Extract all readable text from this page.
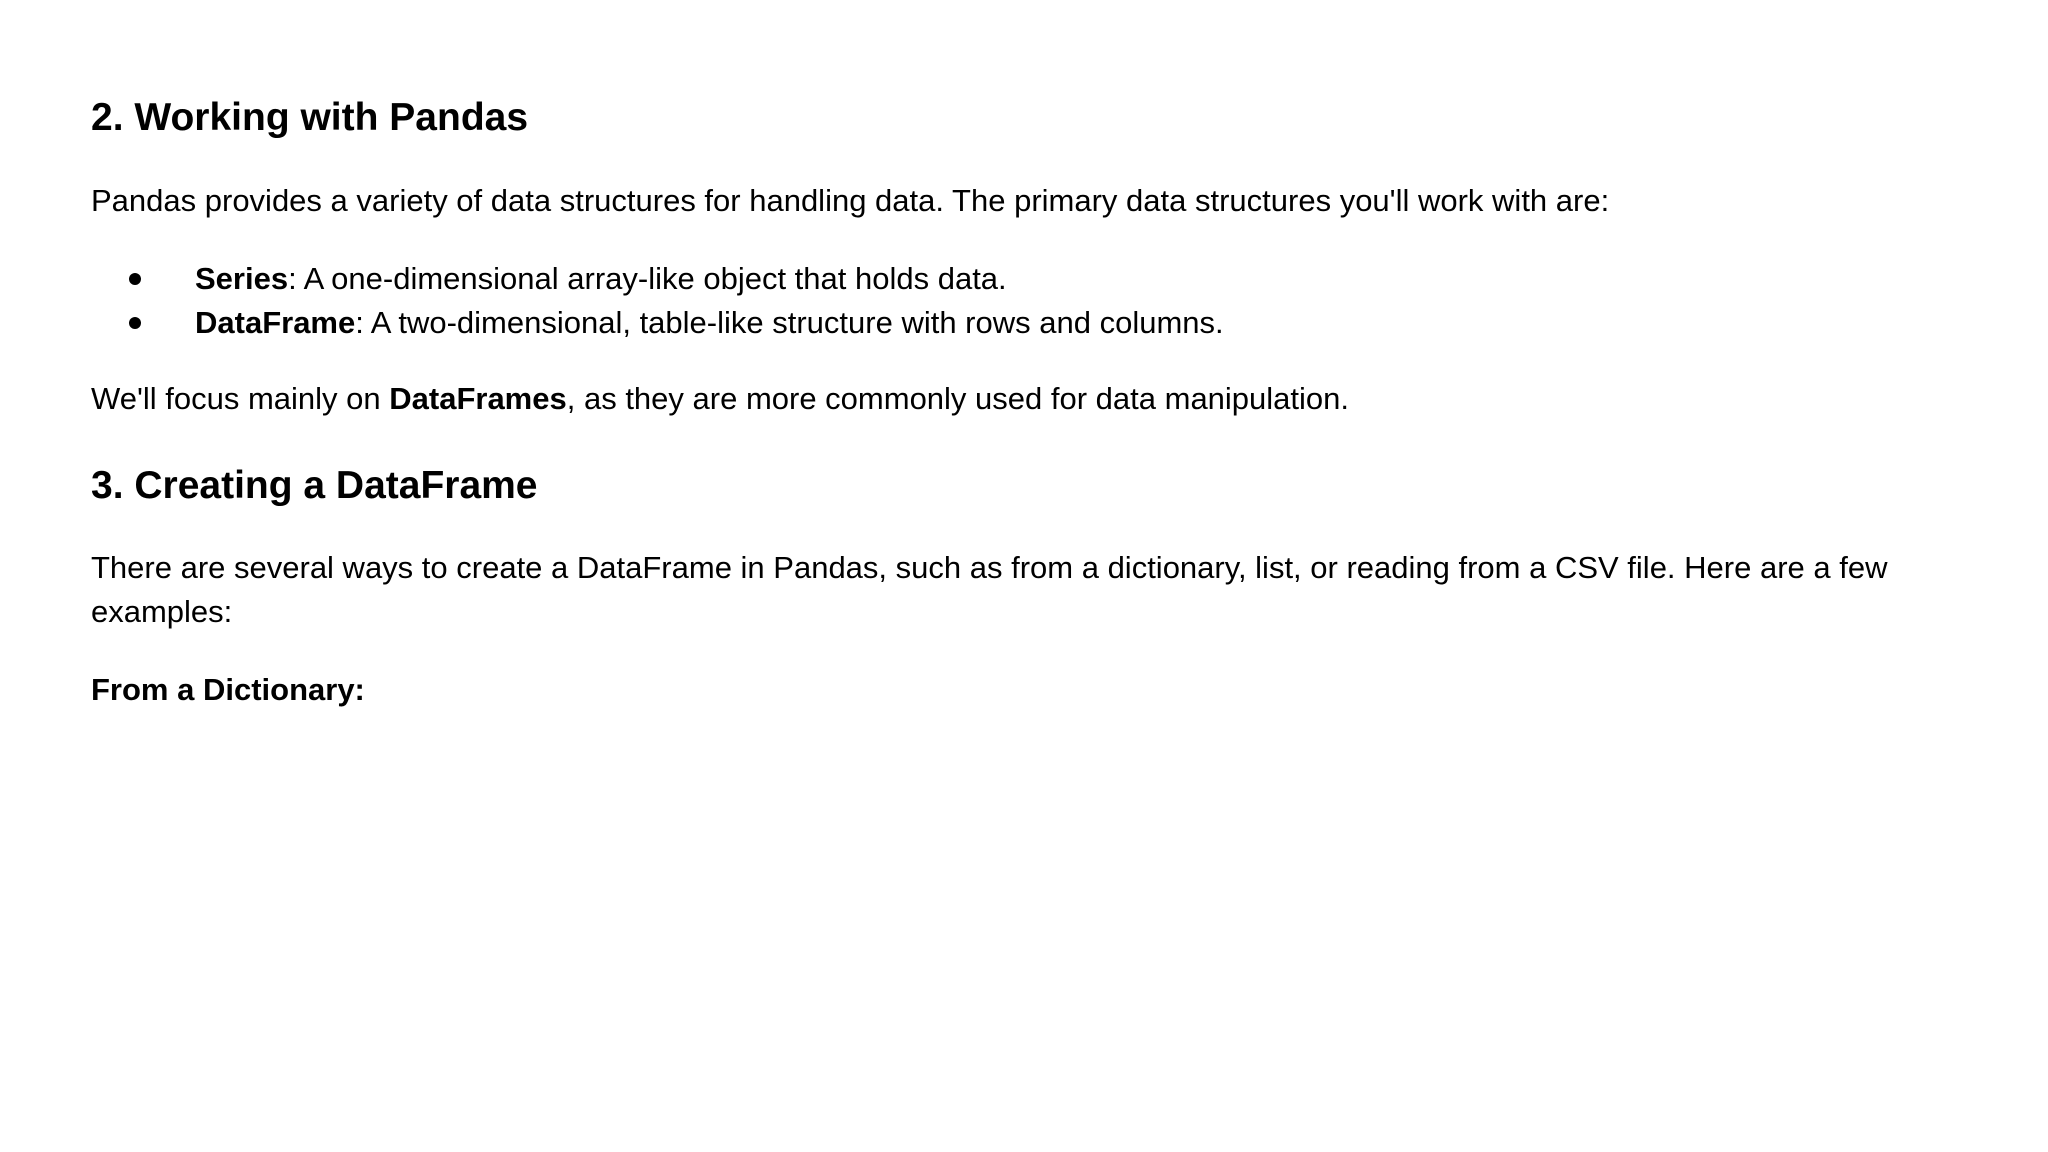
2. Working with Pandas

Pandas provides a variety of data structures for handling data. The primary data structures you'll work with are:

Series: A one-dimensional array-like object that holds data.
DataFrame: A two-dimensional, table-like structure with rows and columns.

We'll focus mainly on DataFrames, as they are more commonly used for data manipulation.

3. Creating a DataFrame

There are several ways to create a DataFrame in Pandas, such as from a dictionary, list, or reading from a CSV file. Here are a few examples:

From a Dictionary:
